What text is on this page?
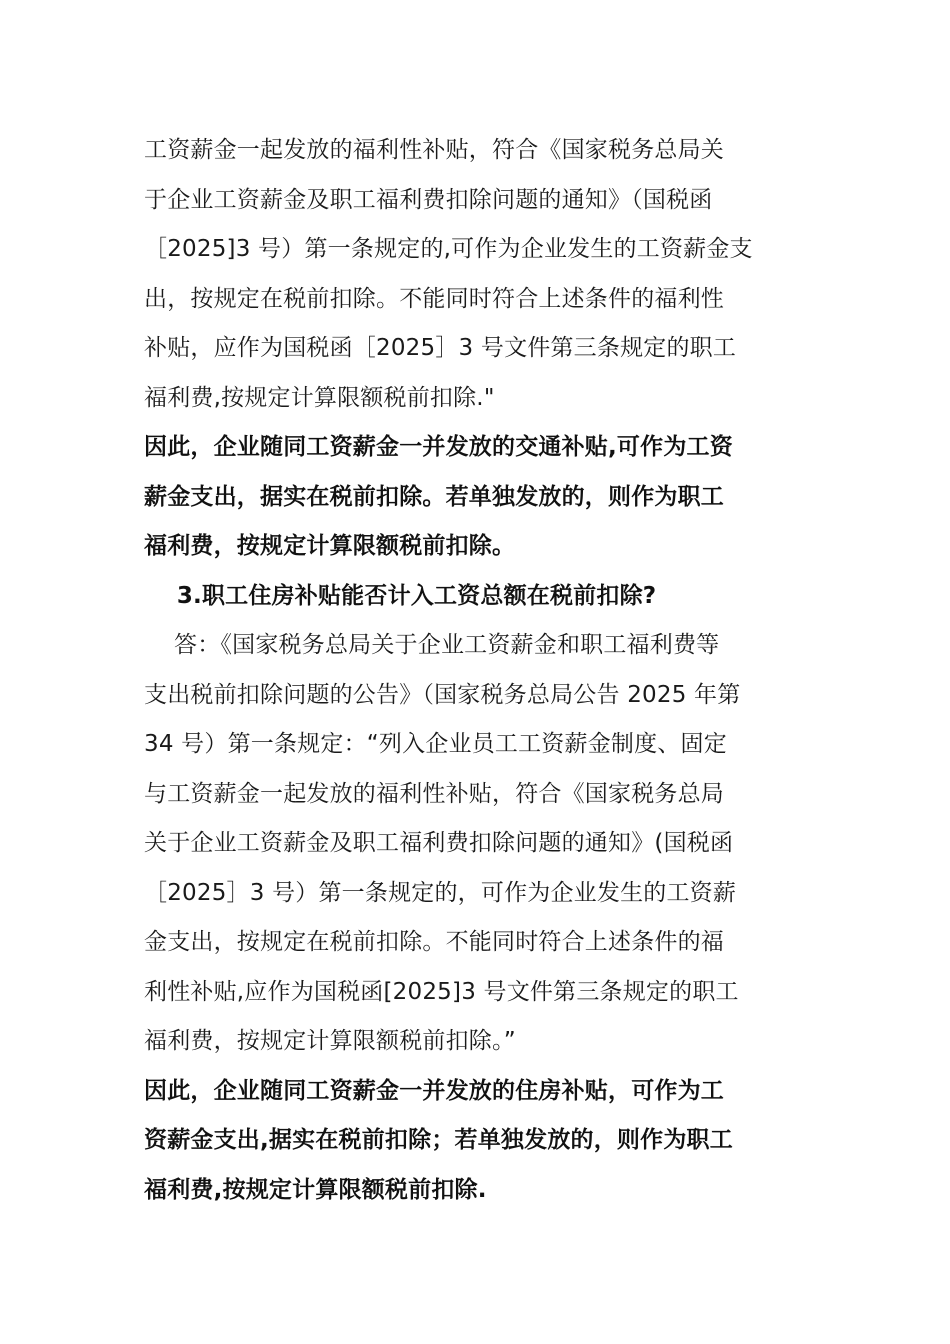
工资薪金一起发放的福利性补贴，符合《国家税务总局关
于企业工资薪金及职工福利费扣除问题的通知》（国税函
［2025]3 号）第一条规定的,可作为企业发生的工资薪金支
出，按规定在税前扣除。不能同时符合上述条件的福利性
补贴，应作为国税函［2025］3 号文件第三条规定的职工
福利费,按规定计算限额税前扣除."
因此，企业随同工资薪金一并发放的交通补贴,可作为工资
薪金支出，据实在税前扣除。若单独发放的，则作为职工
福利费，按规定计算限额税前扣除。
3.职工住房补贴能否计入工资总额在税前扣除?
答：《国家税务总局关于企业工资薪金和职工福利费等
支出税前扣除问题的公告》（国家税务总局公告 2025 年第
34 号）第一条规定：“列入企业员工工资薪金制度、固定
与工资薪金一起发放的福利性补贴，符合《国家税务总局
关于企业工资薪金及职工福利费扣除问题的通知》(国税函
［2025］3 号）第一条规定的，可作为企业发生的工资薪
金支出，按规定在税前扣除。不能同时符合上述条件的福
利性补贴,应作为国税函[2025]3 号文件第三条规定的职工
福利费，按规定计算限额税前扣除。”
因此，企业随同工资薪金一并发放的住房补贴，可作为工
资薪金支出,据实在税前扣除；若单独发放的，则作为职工
福利费,按规定计算限额税前扣除.
